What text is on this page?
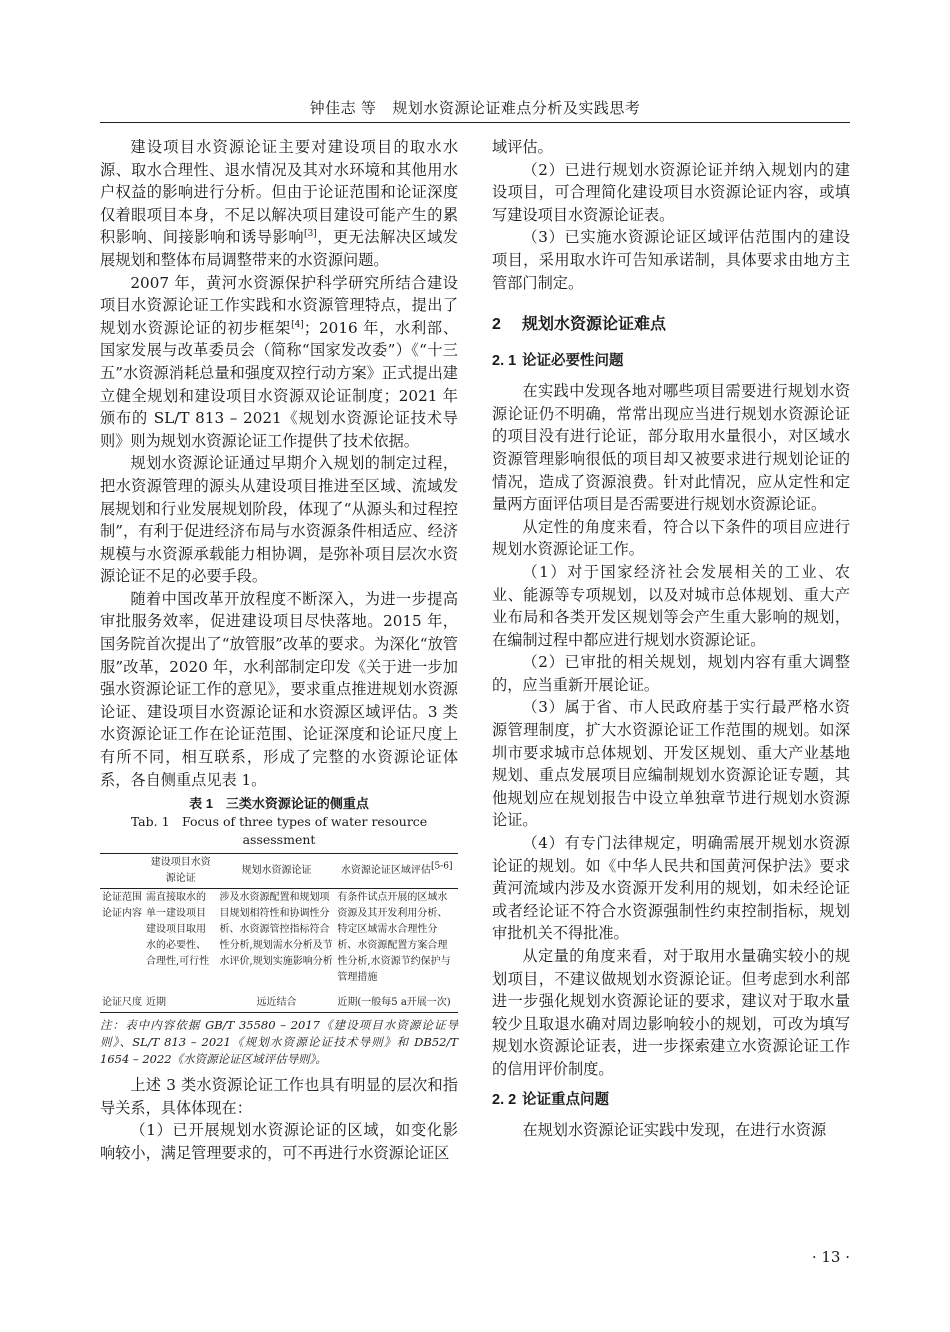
钟佳志 等 规划水资源论证难点分析及实践思考

建设项目水资源论证主要对建设项目的取水水源、取水合理性、退水情况及其对水环境和其他用水户权益的影响进行分析。但由于论证范围和论证深度仅着眼项目本身，不足以解决项目建设可能产生的累积影响、间接影响和诱导影响[3]，更无法解决区域发展规划和整体布局调整带来的水资源问题。

2007 年，黄河水资源保护科学研究所结合建设项目水资源论证工作实践和水资源管理特点，提出了规划水资源论证的初步框架[4]；2016 年，水利部、国家发展与改革委员会（简称“国家发改委”）《“十三五”水资源消耗总量和强度双控行动方案》正式提出建立健全规划和建设项目水资源双论证制度；2021 年颁布的 SL/T 813 – 2021《规划水资源论证技术导则》则为规划水资源论证工作提供了技术依据。

规划水资源论证通过早期介入规划的制定过程，把水资源管理的源头从建设项目推进至区域、流域发展规划和行业发展规划阶段，体现了“从源头和过程控制”，有利于促进经济布局与水资源条件相适应、经济规模与水资源承载能力相协调，是弥补项目层次水资源论证不足的必要手段。

随着中国改革开放程度不断深入，为进一步提高审批服务效率，促进建设项目尽快落地。2015 年，国务院首次提出了“放管服”改革的要求。为深化“放管服”改革，2020 年，水利部制定印发《关于进一步加强水资源论证工作的意见》，要求重点推进规划水资源论证、建设项目水资源论证和水资源区域评估。3 类水资源论证工作在论证范围、论证深度和论证尺度上有所不同，相互联系，形成了完整的水资源论证体系，各自侧重点见表 1。

表 1　三类水资源论证的侧重点
Tab. 1　Focus of three types of water resource assessment
	建设项目水资源论证	规划水资源论证	水资源论证区域评估[5-6]
论证范围论证内容	需直接取水的单一建设项目建设项目取用水的必要性、合理性,可行性	涉及水资源配置和规划项目规划相符性和协调性分析、水资源管控指标符合性分析,规划需水分析及节水评价,规划实施影响分析	有条件试点开展的区域水资源及其开发利用分析、特定区域需水合理性分析、水资源配置方案合理性分析,水资源节约保护与管理措施
论证尺度	近期	远近结合	近期(一般每5 a开展一次)
注：表中内容依据 GB/T 35580 – 2017《建设项目水资源论证导则》、SL/T 813 – 2021《规划水资源论证技术导则》和 DB52/T 1654 – 2022《水资源论证区域评估导则》。

上述 3 类水资源论证工作也具有明显的层次和指导关系，具体体现在：

（1）已开展规划水资源论证的区域，如变化影响较小，满足管理要求的，可不再进行水资源论证区

域评估。

（2）已进行规划水资源论证并纳入规划内的建设项目，可合理简化建设项目水资源论证内容，或填写建设项目水资源论证表。

（3）已实施水资源论证区域评估范围内的建设项目，采用取水许可告知承诺制，具体要求由地方主管部门制定。

2 规划水资源论证难点
2. 1 论证必要性问题

在实践中发现各地对哪些项目需要进行规划水资源论证仍不明确，常常出现应当进行规划水资源论证的项目没有进行论证，部分取用水量很小，对区域水资源管理影响很低的项目却又被要求进行规划论证的情况，造成了资源浪费。针对此情况，应从定性和定量两方面评估项目是否需要进行规划水资源论证。

从定性的角度来看，符合以下条件的项目应进行规划水资源论证工作。

（1）对于国家经济社会发展相关的工业、农业、能源等专项规划，以及对城市总体规划、重大产业布局和各类开发区规划等会产生重大影响的规划，在编制过程中都应进行规划水资源论证。

（2）已审批的相关规划，规划内容有重大调整的，应当重新开展论证。

（3）属于省、市人民政府基于实行最严格水资源管理制度，扩大水资源论证工作范围的规划。如深圳市要求城市总体规划、开发区规划、重大产业基地规划、重点发展项目应编制规划水资源论证专题，其他规划应在规划报告中设立单独章节进行规划水资源论证。

（4）有专门法律规定，明确需展开规划水资源论证的规划。如《中华人民共和国黄河保护法》要求黄河流域内涉及水资源开发利用的规划，如未经论证或者经论证不符合水资源强制性约束控制指标，规划审批机关不得批准。

从定量的角度来看，对于取用水量确实较小的规划项目，不建议做规划水资源论证。但考虑到水利部进一步强化规划水资源论证的要求，建议对于取水量较少且取退水确对周边影响较小的规划，可改为填写规划水资源论证表，进一步探索建立水资源论证工作的信用评价制度。

2. 2 论证重点问题

在规划水资源论证实践中发现，在进行水资源

· 13 ·
